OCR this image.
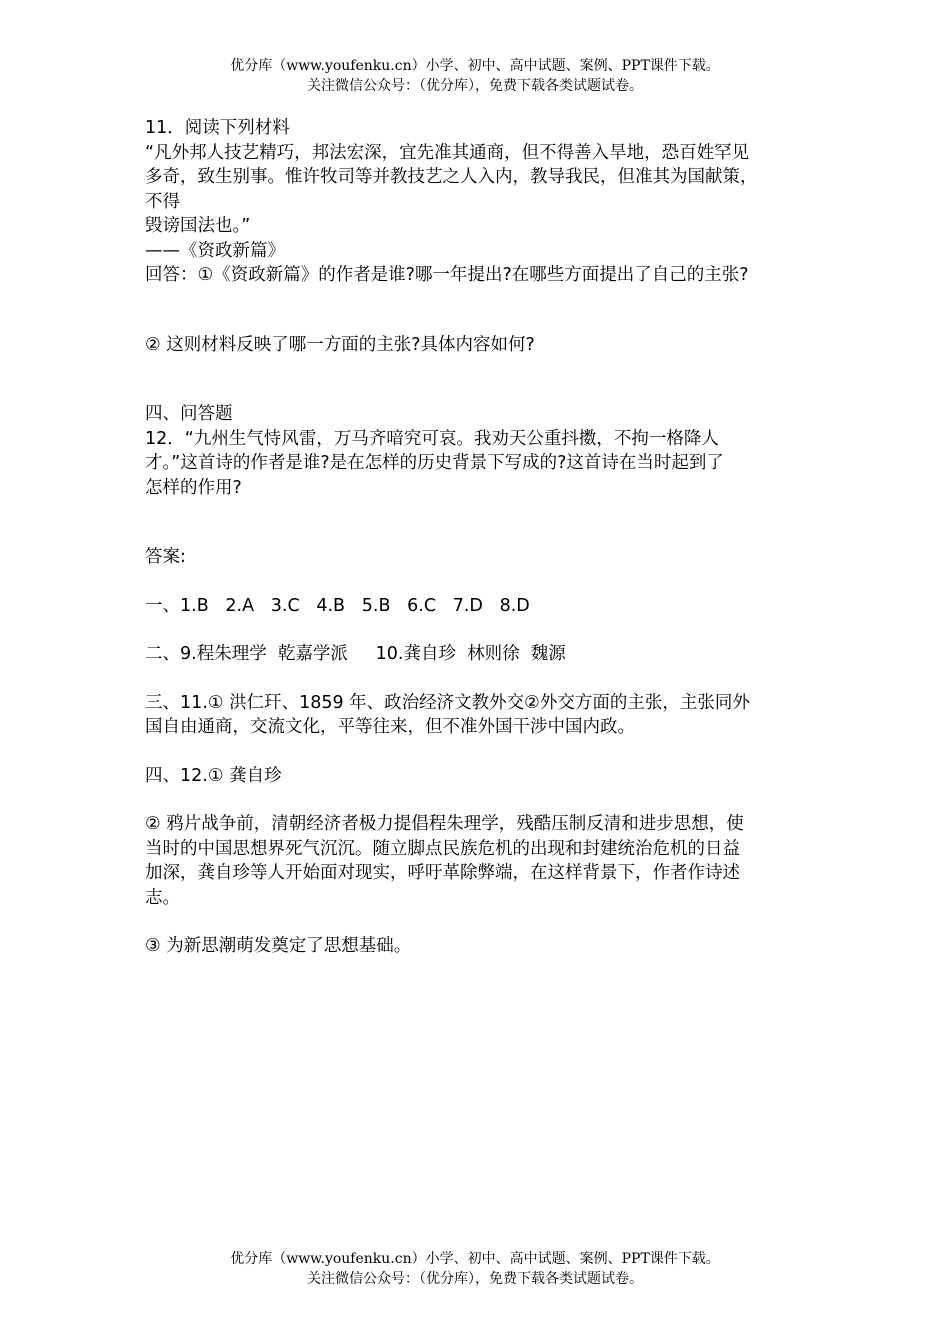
优分库（www.youfenku.cn）小学、初中、高中试题、案例、PPT课件下载。
关注微信公众号：（优分库），免费下载各类试题试卷。
11．阅读下列材料
“凡外邦人技艺精巧，邦法宏深，宜先准其通商，但不得善入旱地，恐百姓罕见
多奇，致生别事。惟许牧司等并教技艺之人入内，教导我民，但准其为国献策，
不得
毁谤国法也。”
——《资政新篇》
回答：①《资政新篇》的作者是谁?哪一年提出?在哪些方面提出了自己的主张?
② 这则材料反映了哪一方面的主张?具体内容如何?
四、问答题
12．“九州生气恃风雷，万马齐喑究可哀。我劝天公重抖擞，不拘一格降人
才。”这首诗的作者是谁?是在怎样的历史背景下写成的?这首诗在当时起到了
怎样的作用?
答案:
一、1.B   2.A   3.C   4.B   5.B   6.C   7.D   8.D
二、9.程朱理学  乾嘉学派     10.龚自珍  林则徐  魏源
三、11.① 洪仁玕、1859 年、政治经济文教外交②外交方面的主张，主张同外
国自由通商，交流文化，平等往来，但不准外国干涉中国内政。
四、12.① 龚自珍
② 鸦片战争前，清朝经济者极力提倡程朱理学，残酷压制反清和进步思想，使
当时的中国思想界死气沉沉。随立脚点民族危机的出现和封建统治危机的日益
加深，龚自珍等人开始面对现实，呼吁革除弊端，在这样背景下，作者作诗述
志。
③ 为新思潮萌发奠定了思想基础。
优分库（www.youfenku.cn）小学、初中、高中试题、案例、PPT课件下载。
关注微信公众号：（优分库），免费下载各类试题试卷。
